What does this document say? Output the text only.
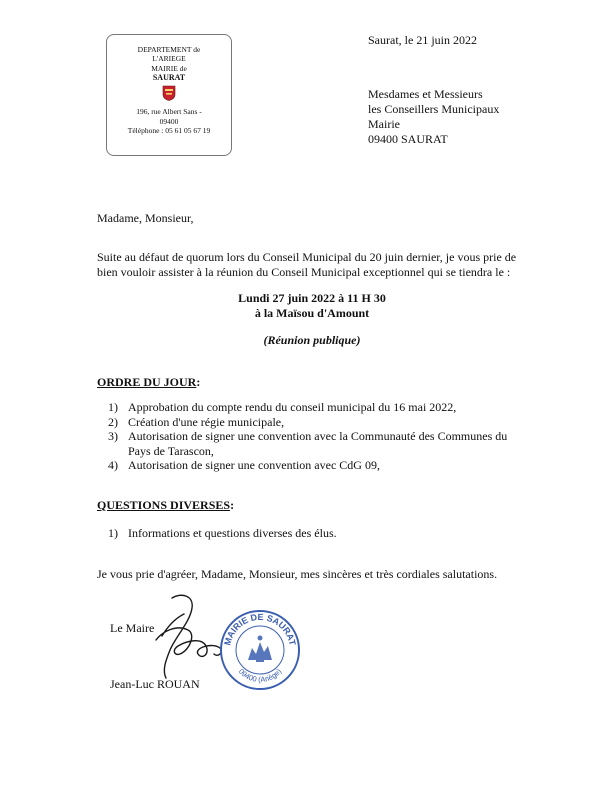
DEPARTEMENT de
L'ARIEGE
MAIRIE de
SAURAT
196, rue Albert Sans -
09400
Téléphone : 05 61 05 67 19
Saurat, le 21 juin 2022
Mesdames et Messieurs
les Conseillers Municipaux
Mairie
09400 SAURAT
Madame, Monsieur,
Suite au défaut de quorum lors du Conseil Municipal du 20 juin dernier, je vous prie de bien vouloir assister à la réunion du Conseil Municipal exceptionnel qui se tiendra le :
Lundi 27 juin 2022 à 11 H 30
à la Maïsou d'Amount
(Réunion publique)
ORDRE DU JOUR:
1) Approbation du compte rendu du conseil municipal du 16 mai 2022,
2) Création d'une régie municipale,
3) Autorisation de signer une convention avec la Communauté des Communes du Pays de Tarascon,
4) Autorisation de signer une convention avec CdG 09,
QUESTIONS DIVERSES:
1) Informations et questions diverses des élus.
Je vous prie d'agréer, Madame, Monsieur, mes sincères et très cordiales salutations.
Le Maire
Jean-Luc ROUAN
MAIRIE DE SAURAT
09400 (Ariège)
